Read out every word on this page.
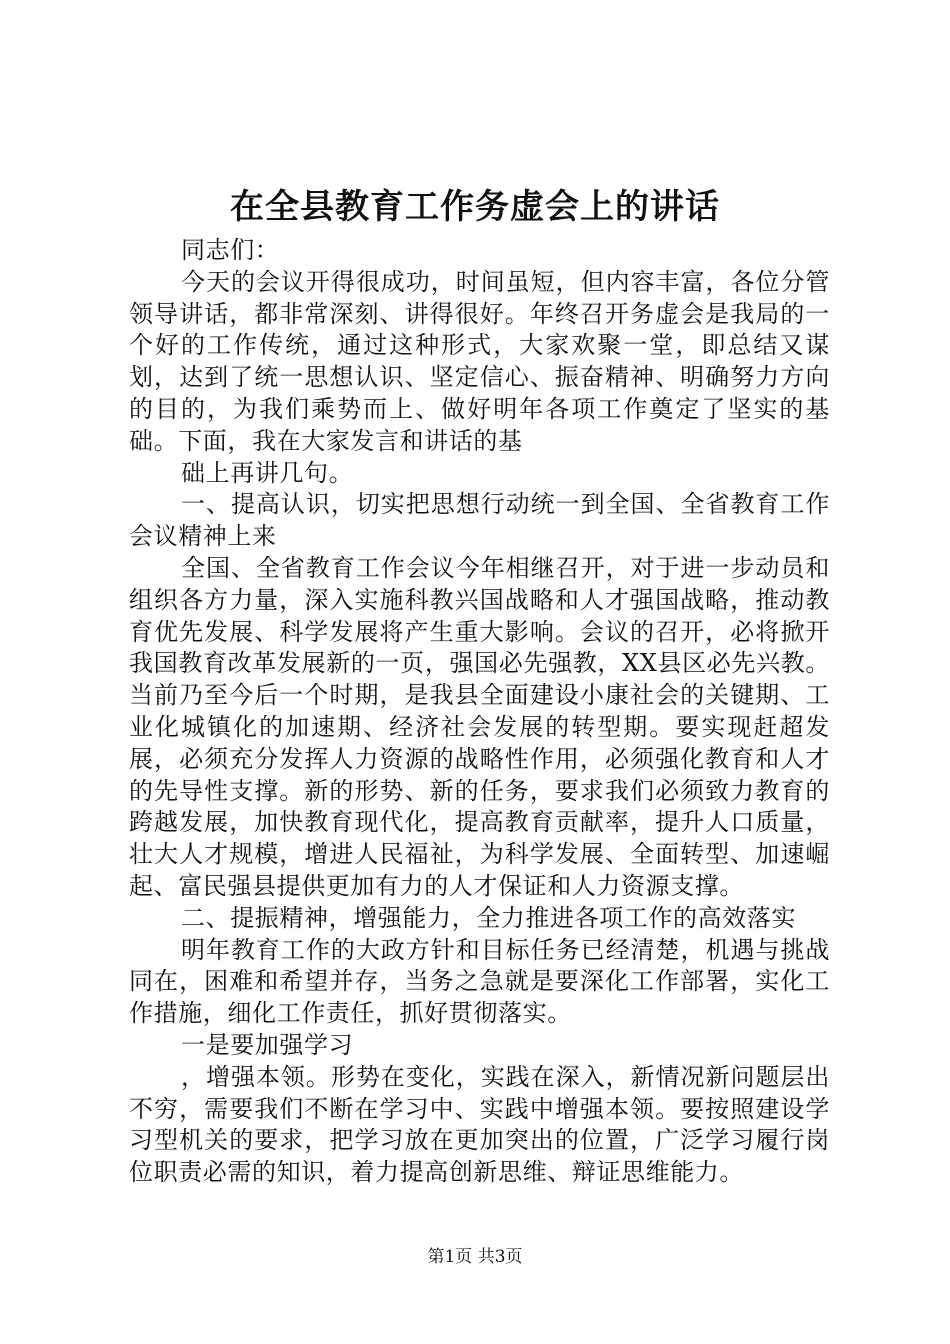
在全县教育工作务虚会上的讲话

同志们：

今天的会议开得很成功，时间虽短，但内容丰富，各位分管领导讲话，都非常深刻、讲得很好。年终召开务虚会是我局的一个好的工作传统，通过这种形式，大家欢聚一堂，即总结又谋划，达到了统一思想认识、坚定信心、振奋精神、明确努力方向的目的，为我们乘势而上、做好明年各项工作奠定了坚实的基础。下面，我在大家发言和讲话的基

础上再讲几句。

一、提高认识，切实把思想行动统一到全国、全省教育工作会议精神上来

全国、全省教育工作会议今年相继召开，对于进一步动员和组织各方力量，深入实施科教兴国战略和人才强国战略，推动教育优先发展、科学发展将产生重大影响。会议的召开，必将掀开我国教育改革发展新的一页，强国必先强教，XX县区必先兴教。当前乃至今后一个时期，是我县全面建设小康社会的关键期、工业化城镇化的加速期、经济社会发展的转型期。要实现赶超发展，必须充分发挥人力资源的战略性作用，必须强化教育和人才的先导性支撑。新的形势、新的任务，要求我们必须致力教育的跨越发展，加快教育现代化，提高教育贡献率，提升人口质量，壮大人才规模，增进人民福祉，为科学发展、全面转型、加速崛起、富民强县提供更加有力的人才保证和人力资源支撑。

二、提振精神，增强能力，全力推进各项工作的高效落实

明年教育工作的大政方针和目标任务已经清楚，机遇与挑战同在，困难和希望并存，当务之急就是要深化工作部署，实化工作措施，细化工作责任，抓好贯彻落实。

一是要加强学习

，增强本领。形势在变化，实践在深入，新情况新问题层出不穷，需要我们不断在学习中、实践中增强本领。要按照建设学习型机关的要求，把学习放在更加突出的位置，广泛学习履行岗位职责必需的知识，着力提高创新思维、辩证思维能力。

第1页 共3页
